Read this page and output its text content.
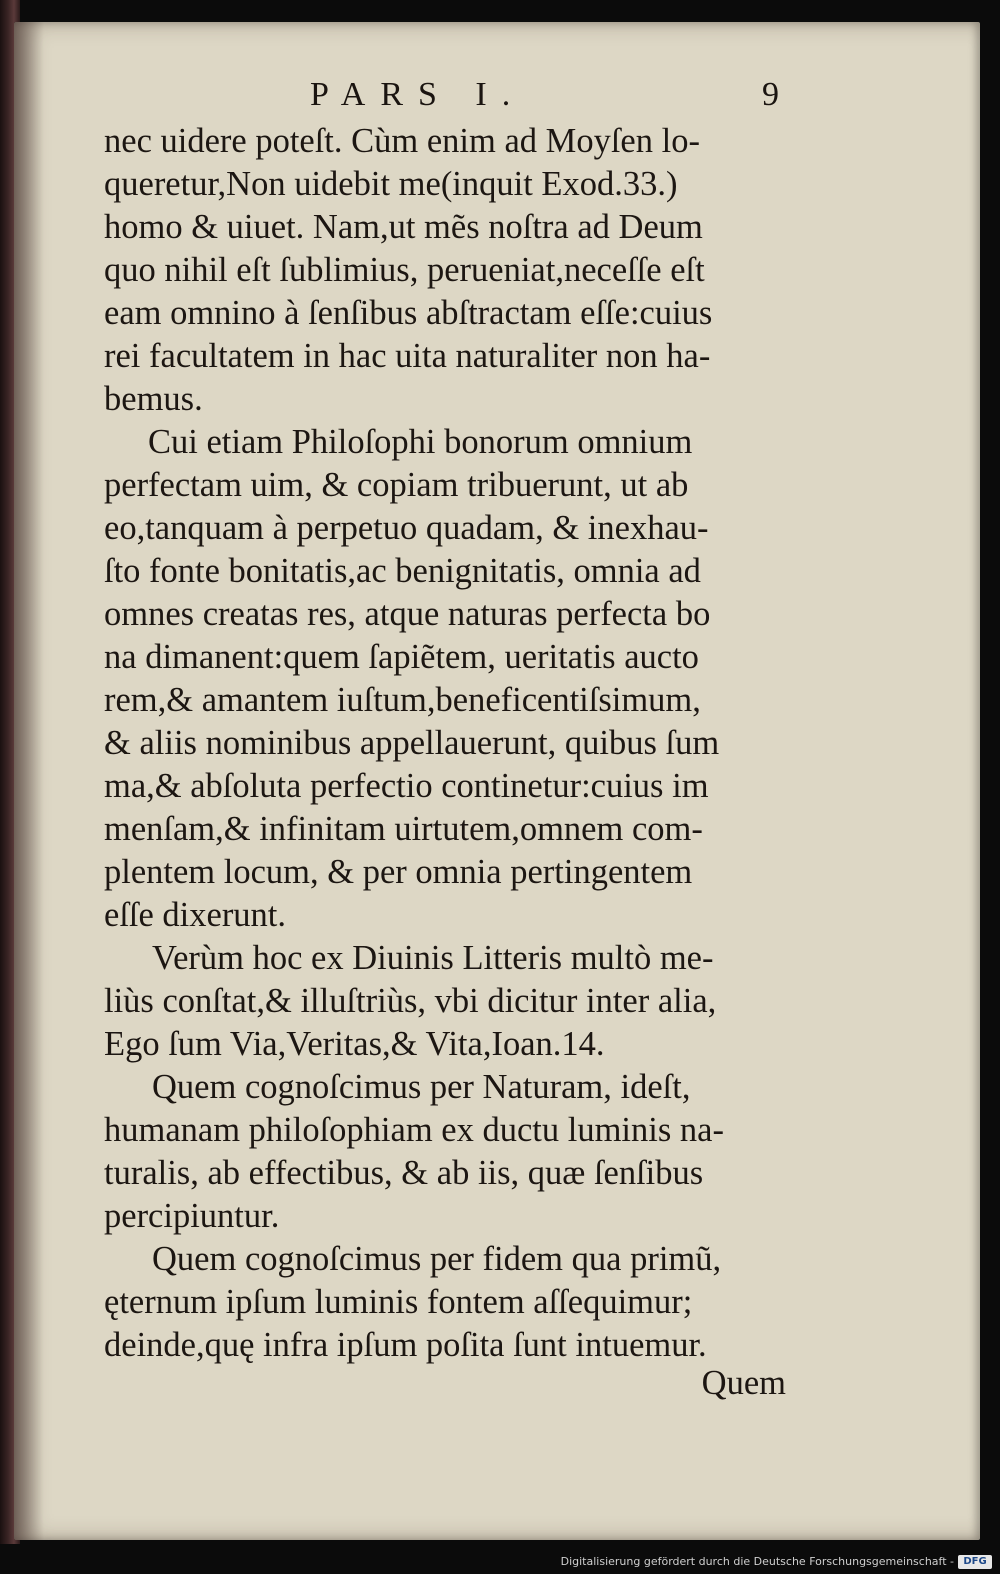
PARS I.	9
nec uidere poteſt. Cùm enim ad Moyſen lo-
queretur,Non uidebit me(inquit Exod.33.)
homo & uiuet. Nam,ut mẽs noſtra ad Deum
quo nihil eſt ſublimius, perueniat,neceſſe eſt
eam omnino à ſenſibus abſtractam eſſe:cuius
rei facultatem in hac uita naturaliter non ha-
bemus.
Cui etiam Philoſophi bonorum omnium
perfectam uim, & copiam tribuerunt, ut ab
eo,tanquam à perpetuo quadam, & inexhau-
ſto fonte bonitatis,ac benignitatis, omnia ad
omnes creatas res, atque naturas perfecta bo
na dimanent:quem ſapiẽtem, ueritatis aucto
rem,& amantem iuſtum,beneficentiſsimum,
& aliis nominibus appellauerunt, quibus ſum
ma,& abſoluta perfectio continetur:cuius im
menſam,& infinitam uirtutem,omnem com-
plentem locum, & per omnia pertingentem
eſſe dixerunt.
Verùm hoc ex Diuinis Litteris multò me-
liùs conſtat,& illuſtriùs, vbi dicitur inter alia,
Ego ſum Via,Veritas,& Vita,Ioan.14.
Quem cognoſcimus per Naturam, ideſt,
humanam philoſophiam ex ductu luminis na-
turalis, ab effectibus, & ab iis, quæ ſenſibus
percipiuntur.
Quem cognoſcimus per fidem qua primũ,
ęternum ipſum luminis fontem aſſequimur;
deinde,quę infra ipſum poſita ſunt intuemur.
Quem
Digitalisierung gefördert durch die Deutsche Forschungsgemeinschaft - DFG
